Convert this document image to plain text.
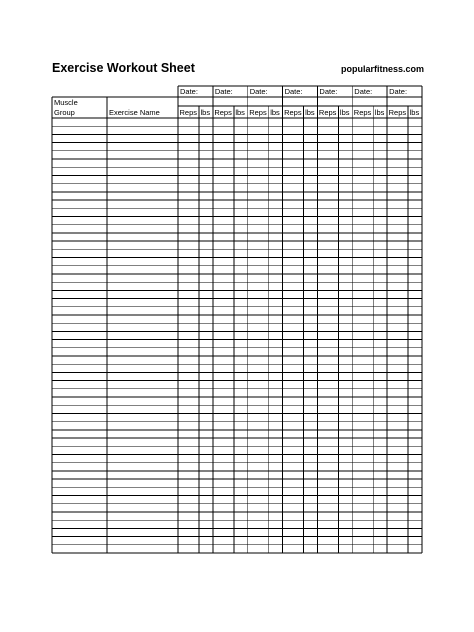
Exercise Workout Sheet	popularfitness.com
Muscle
Group	Exercise Name
Date:
Reps lbs
Date:
Reps lbs
Date:
Reps lbs
Date:
Reps lbs
Date:
Reps lbs
Date:
Reps lbs
Date:
Reps lbs
